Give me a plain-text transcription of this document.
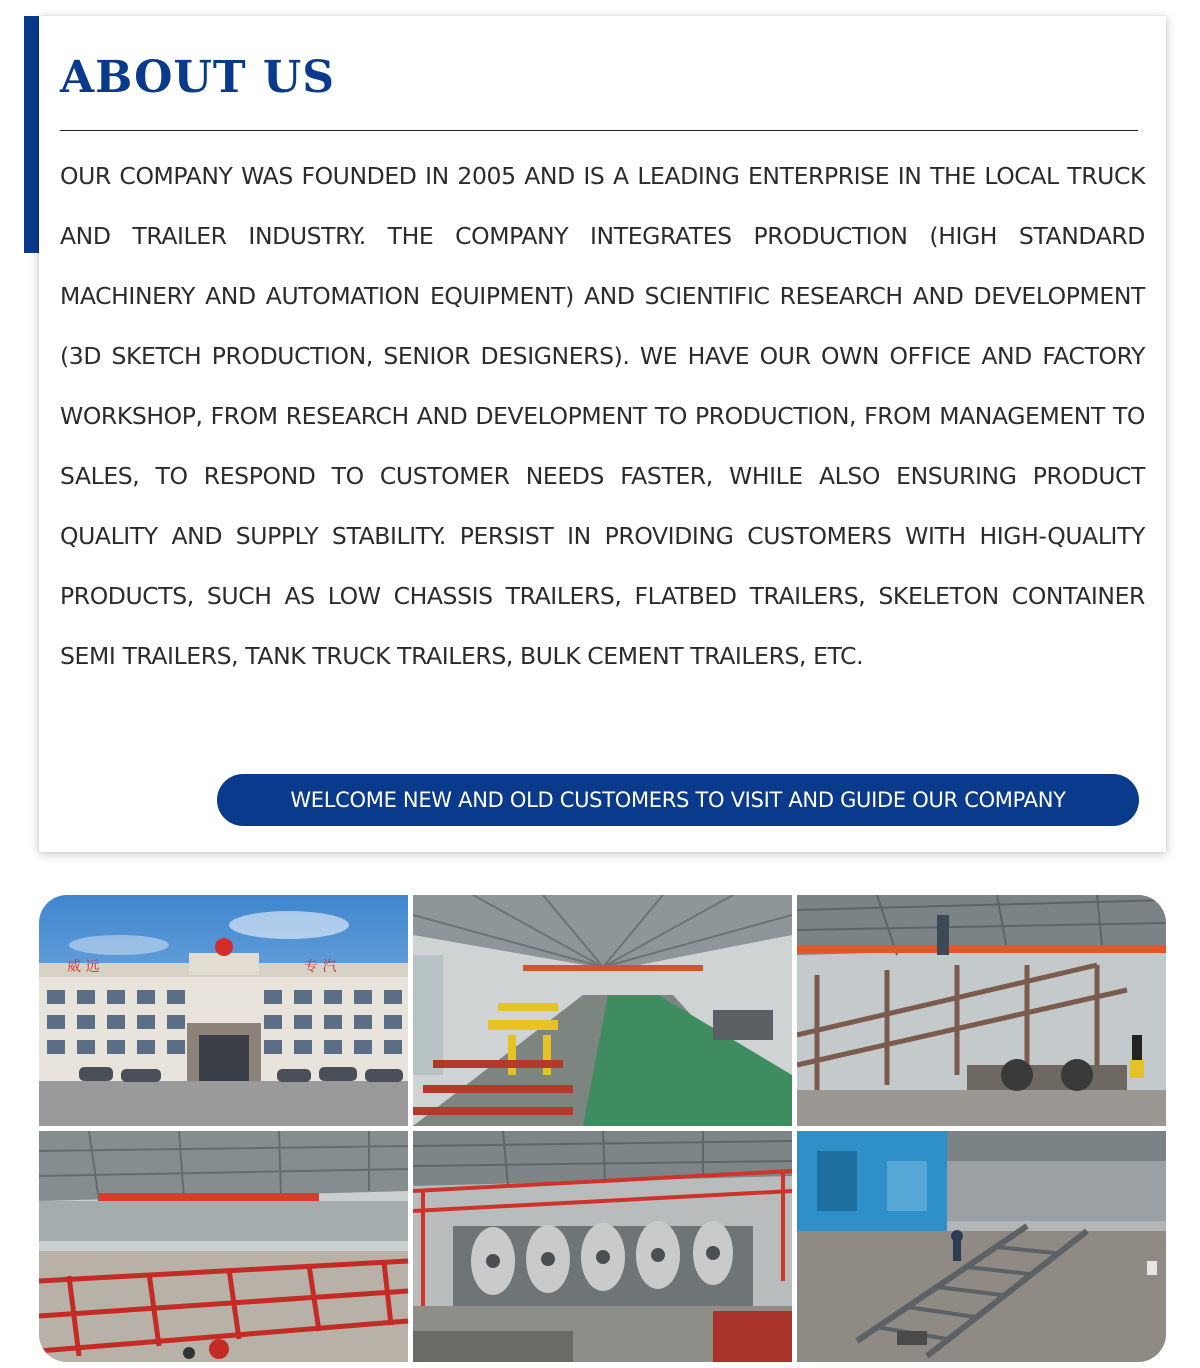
ABOUT US

OUR COMPANY WAS FOUNDED IN 2005 AND IS A LEADING ENTERPRISE IN THE LOCAL TRUCK AND TRAILER INDUSTRY. THE COMPANY INTEGRATES PRODUCTION (HIGH STANDARD MACHINERY AND AUTOMATION EQUIPMENT) AND SCIENTIFIC RESEARCH AND DEVELOPMENT (3D SKETCH PRODUCTION, SENIOR DESIGNERS). WE HAVE OUR OWN OFFICE AND FACTORY WORKSHOP, FROM RESEARCH AND DEVELOPMENT TO PRODUCTION, FROM MANAGEMENT TO SALES, TO RESPOND TO CUSTOMER NEEDS FASTER, WHILE ALSO ENSURING PRODUCT QUALITY AND SUPPLY STABILITY. PERSIST IN PROVIDING CUSTOMERS WITH HIGH-QUALITY PRODUCTS, SUCH AS LOW CHASSIS TRAILERS, FLATBED TRAILERS, SKELETON CONTAINER SEMI TRAILERS, TANK TRUCK TRAILERS, BULK CEMENT TRAILERS, ETC.

WELCOME NEW AND OLD CUSTOMERS TO VISIT AND GUIDE OUR COMPANY
威 远	专 汽
